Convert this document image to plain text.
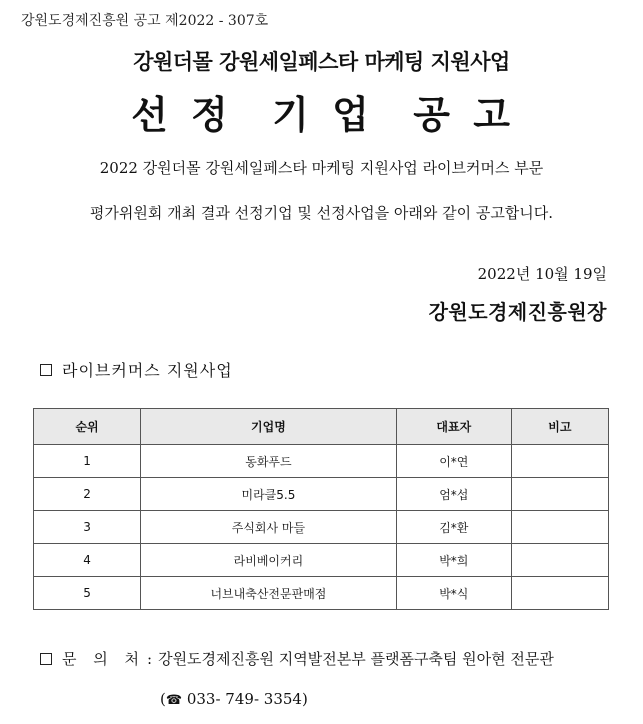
강원도경제진흥원 공고 제2022 - 307호
강원더몰 강원세일페스타 마케팅 지원사업
선 정  기 업  공 고
2022 강원더몰 강원세일페스타 마케팅 지원사업 라이브커머스 부문
평가위원회 개최 결과 선정기업 및 선정사업을 아래와 같이 공고합니다.
2022년 10월 19일
강원도경제진흥원장
라이브커머스 지원사업
순위	기업명	대표자	비고
1	동화푸드	이*연	
2	미라클5.5	엄*섭	
3	주식회사 마들	김*환	
4	라비베이커리	박*희	
5	너브내축산전문판매점	박*식	
문 의 처 : 강원도경제진흥원 지역발전본부 플랫폼구축팀 원아현 전문관
(☎ 033- 749- 3354)
